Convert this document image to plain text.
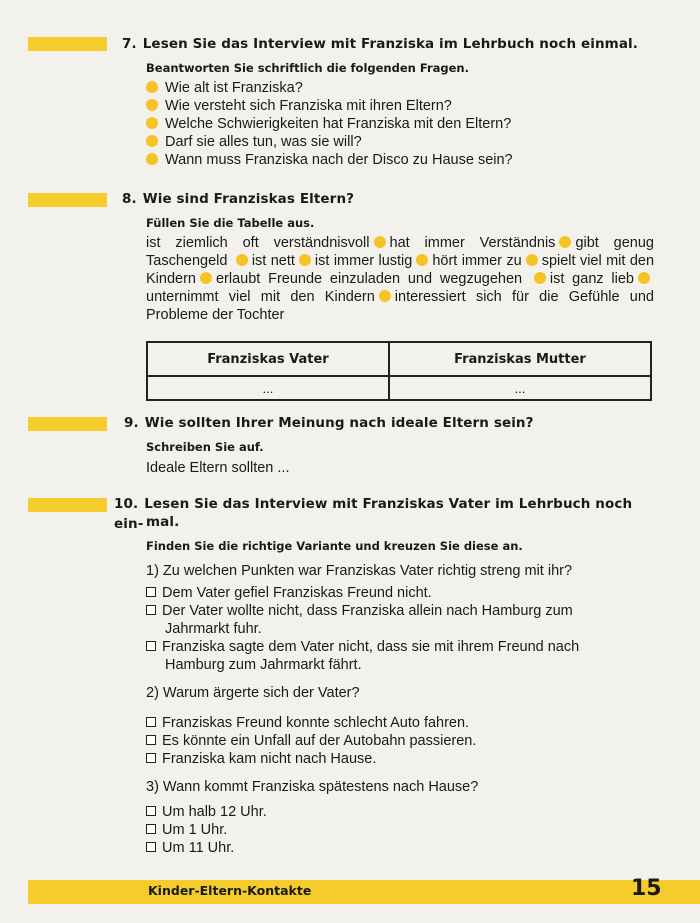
7. Lesen Sie das Interview mit Franziska im Lehrbuch noch einmal.
Beantworten Sie schriftlich die folgenden Fragen.
Wie alt ist Franziska?
Wie versteht sich Franziska mit ihren Eltern?
Welche Schwierigkeiten hat Franziska mit den Eltern?
Darf sie alles tun, was sie will?
Wann muss Franziska nach der Disco zu Hause sein?
8. Wie sind Franziskas Eltern?
Füllen Sie die Tabelle aus.
ist ziemlich oft verständnisvoll hat immer Verständnis gibt genug Taschengeld ist nett ist immer lustig hört immer zu spielt viel mit den Kindern erlaubt Freunde einzuladen und wegzugehen ist ganz liebunternimmt viel mit den Kindern interessiert sich für die Gefühle und Probleme der Tochter
Franziskas Vater	Franziskas Mutter
...	...
9. Wie sollten Ihrer Meinung nach ideale Eltern sein?
Schreiben Sie auf.
Ideale Eltern sollten ...
10. Lesen Sie das Interview mit Franziskas Vater im Lehrbuch noch ein- mal.
Finden Sie die richtige Variante und kreuzen Sie diese an.
1) Zu welchen Punkten war Franziskas Vater richtig streng mit ihr?
Dem Vater gefiel Franziskas Freund nicht.
Der Vater wollte nicht, dass Franziska allein nach Hamburg zum
Jahrmarkt fuhr.
Franziska sagte dem Vater nicht, dass sie mit ihrem Freund nach
Hamburg zum Jahrmarkt fährt.
2) Warum ärgerte sich der Vater?
Franziskas Freund konnte schlecht Auto fahren.
Es könnte ein Unfall auf der Autobahn passieren.
Franziska kam nicht nach Hause.
3) Wann kommt Franziska spätestens nach Hause?
Um halb 12 Uhr.
Um 1 Uhr.
Um 11 Uhr.
Kinder-Eltern-Kontakte	15
